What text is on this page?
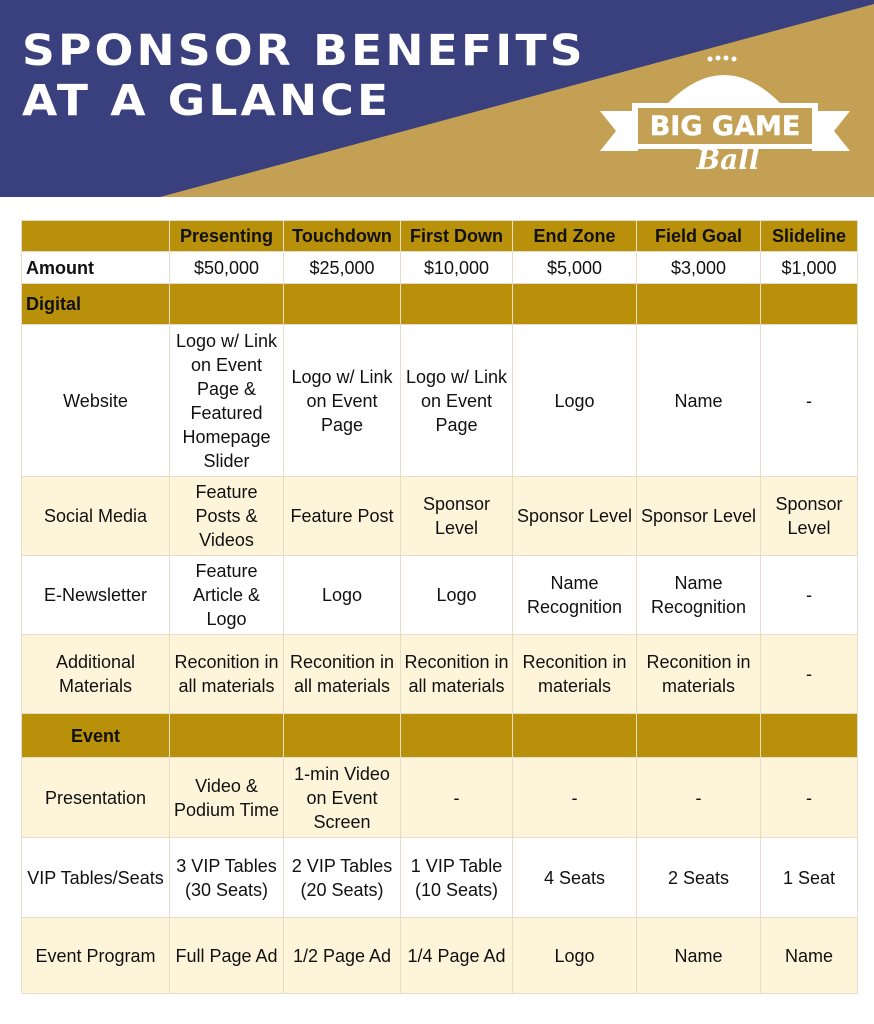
SPONSOR BENEFITS
AT A GLANCE
BIG GAME
Ball
	Presenting	Touchdown	First Down	End Zone	Field Goal	Slideline
Amount	$50,000	$25,000	$10,000	$5,000	$3,000	$1,000
Digital						
Website	Logo w/ Link on Event Page & Featured Homepage Slider	Logo w/ Link on Event Page	Logo w/ Link on Event Page	Logo	Name	-
Social Media	Feature Posts & Videos	Feature Post	Sponsor Level	Sponsor Level	Sponsor Level	Sponsor Level
E-Newsletter	Feature Article & Logo	Logo	Logo	Name Recognition	Name Recognition	-
Additional Materials	Reconition in all materials	Reconition in all materials	Reconition in all materials	Reconition in materials	Reconition in materials	-
Event						
Presentation	Video & Podium Time	1-min Video on Event Screen	-	-	-	-
VIP Tables/Seats	3 VIP Tables (30 Seats)	2 VIP Tables (20 Seats)	1 VIP Table (10 Seats)	4 Seats	2 Seats	1 Seat
Event Program	Full Page Ad	1/2 Page Ad	1/4 Page Ad	Logo	Name	Name
